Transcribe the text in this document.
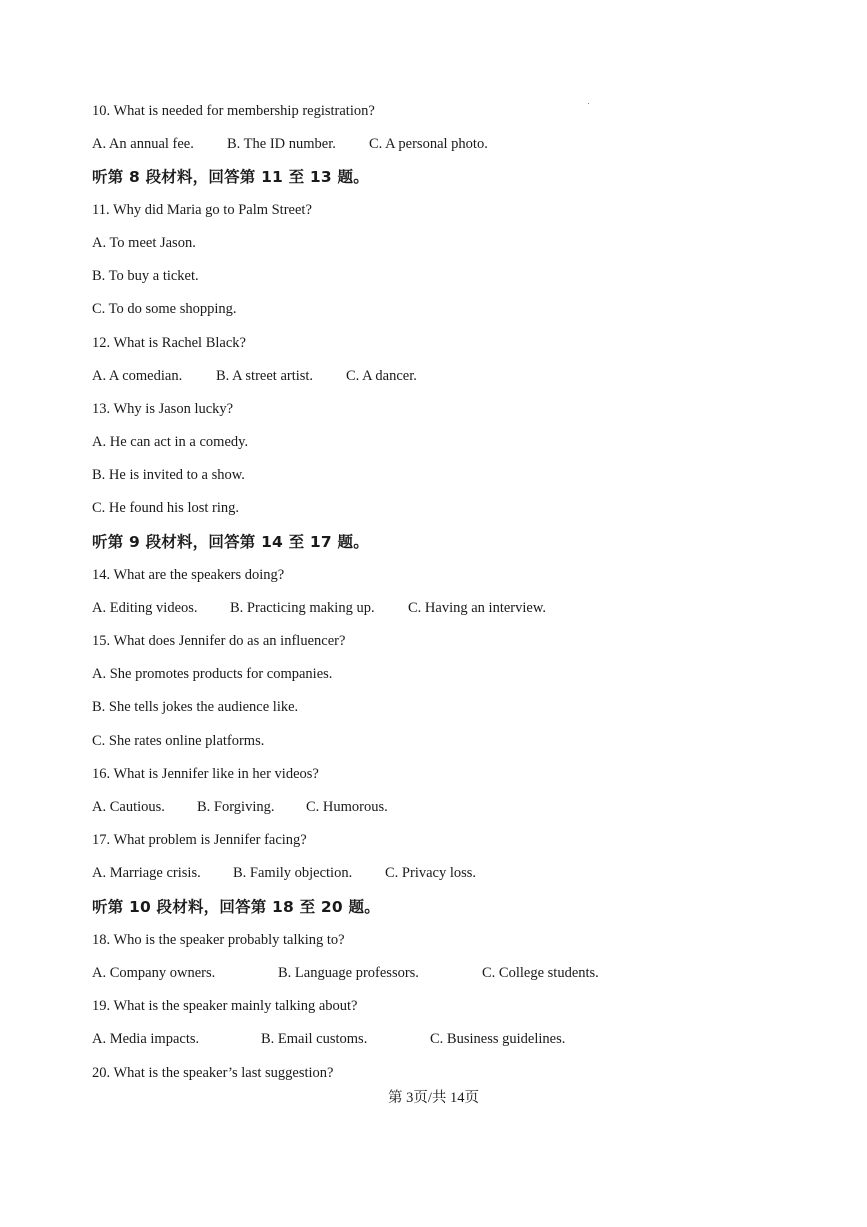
10. What is needed for membership registration?
A. An annual fee. B. The ID number. C. A personal photo.
听第 8 段材料，回答第 11 至 13 题。
11. Why did Maria go to Palm Street?
A. To meet Jason.
B. To buy a ticket.
C. To do some shopping.
12. What is Rachel Black?
A. A comedian. B. A street artist. C. A dancer.
13. Why is Jason lucky?
A. He can act in a comedy.
B. He is invited to a show.
C. He found his lost ring.
听第 9 段材料，回答第 14 至 17 题。
14. What are the speakers doing?
A. Editing videos. B. Practicing making up. C. Having an interview.
15. What does Jennifer do as an influencer?
A. She promotes products for companies.
B. She tells jokes the audience like.
C. She rates online platforms.
16. What is Jennifer like in her videos?
A. Cautious. B. Forgiving. C. Humorous.
17. What problem is Jennifer facing?
A. Marriage crisis. B. Family objection. C. Privacy loss.
听第 10 段材料，回答第 18 至 20 题。
18. Who is the speaker probably talking to?
A. Company owners.	B. Language professors.	C. College students.
19. What is the speaker mainly talking about?
A. Media impacts.	B. Email customs.	C. Business guidelines.
20. What is the speaker’s last suggestion?
第 3页/共 14页
